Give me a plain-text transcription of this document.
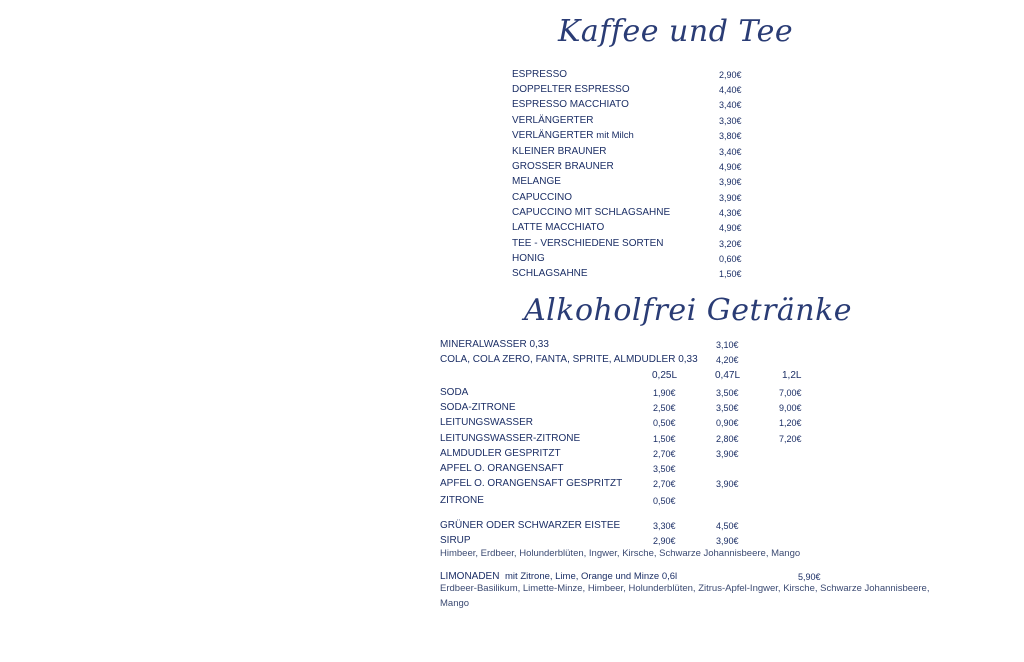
Kaffee und Tee
ESPRESSO	2,90€
DOPPELTER ESPRESSO	4,40€
ESPRESSO MACCHIATO	3,40€
VERLÄNGERTER	3,30€
VERLÄNGERTER mit Milch	3,80€
KLEINER BRAUNER	3,40€
GROSSER BRAUNER	4,90€
MELANGE	3,90€
CAPUCCINO	3,90€
CAPUCCINO MIT SCHLAGSAHNE	4,30€
LATTE MACCHIATO	4,90€
TEE - VERSCHIEDENE SORTEN	3,20€
HONIG	0,60€
SCHLAGSAHNE	1,50€
Alkoholfrei Getränke
MINERALWASSER 0,33	3,10€
COLA, COLA ZERO, FANTA, SPRITE, ALMDUDLER 0,33 4,20€
0,25L	0,47L	1,2L
SODA	1,90€	3,50€	7,00€
SODA-ZITRONE	2,50€	3,50€	9,00€
LEITUNGSWASSER	0,50€	0,90€	1,20€
LEITUNGSWASSER-ZITRONE	1,50€	2,80€	7,20€
ALMDUDLER GESPRITZT	2,70€	3,90€
APFEL O. ORANGENSAFT	3,50€
APFEL O. ORANGENSAFT GESPRITZT	2,70€	3,90€
ZITRONE	0,50€
GRÜNER ODER SCHWARZER EISTEE	3,30€	4,50€
SIRUP	2,90€	3,90€
Himbeer, Erdbeer, Holunderblüten, Ingwer, Kirsche, Schwarze Johannisbeere, Mango
LIMONADEN mit Zitrone, Lime, Orange und Minze 0,6l	5,90€
Erdbeer-Basilikum, Limette-Minze, Himbeer, Holunderblüten, Zitrus-Apfel-Ingwer, Kirsche, Schwarze Johannisbeere,
Mango
